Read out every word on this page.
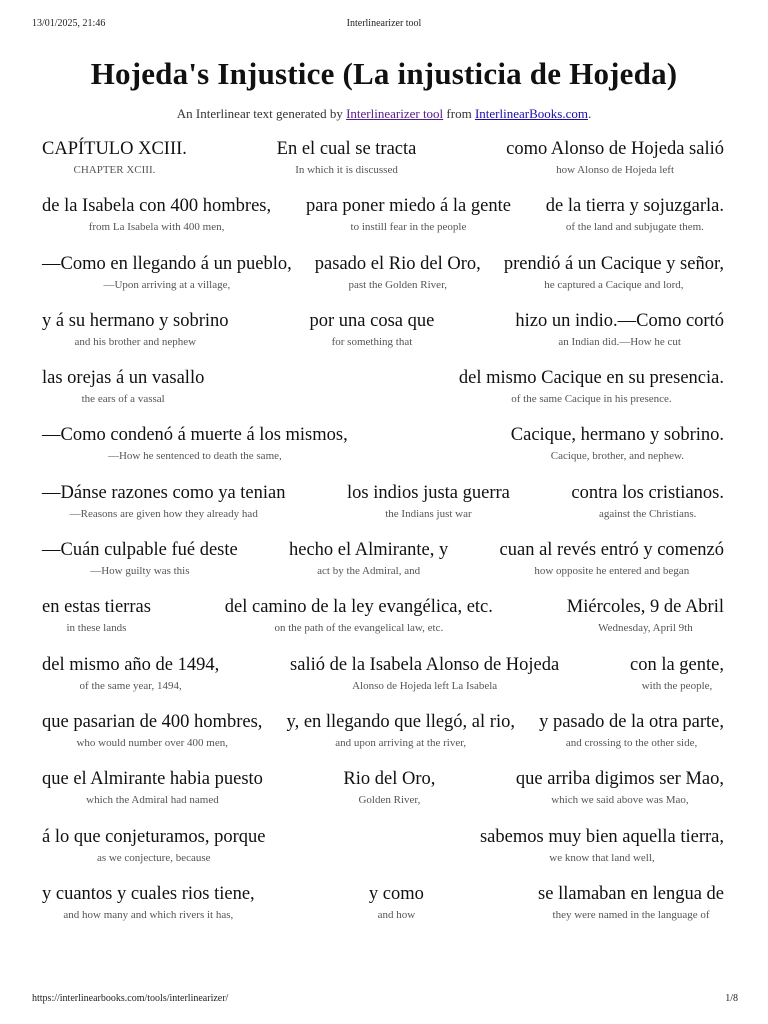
13/01/2025, 21:46	Interlinearizer tool
Hojeda's Injustice (La injusticia de Hojeda)
An Interlinear text generated by Interlinearizer tool from InterlinearBooks.com.
CAPÍTULO XCIII.
CHAPTER XCIII.
En el cual se tracta
In which it is discussed
como Alonso de Hojeda salió
how Alonso de Hojeda left
de la Isabela con 400 hombres,
from La Isabela with 400 men,
para poner miedo á la gente
to instill fear in the people
de la tierra y sojuzgarla.
of the land and subjugate them.
—Como en llegando á un pueblo,
—Upon arriving at a village,
pasado el Rio del Oro,
past the Golden River,
prendió á un Cacique y señor,
he captured a Cacique and lord,
y á su hermano y sobrino
and his brother and nephew
por una cosa que
for something that
hizo un indio.—Como cortó
an Indian did.—How he cut
las orejas á un vasallo
the ears of a vassal
del mismo Cacique en su presencia.
of the same Cacique in his presence.
—Como condenó á muerte á los mismos,
—How he sentenced to death the same,
Cacique, hermano y sobrino.
Cacique, brother, and nephew.
—Dánse razones como ya tenian
—Reasons are given how they already had
los indios justa guerra
the Indians just war
contra los cristianos.
against the Christians.
—Cuán culpable fué deste
—How guilty was this
hecho el Almirante, y
act by the Admiral, and
cuan al revés entró y comenzó
how opposite he entered and began
en estas tierras
in these lands
del camino de la ley evangélica, etc.
on the path of the evangelical law, etc.
Miércoles, 9 de Abril
Wednesday, April 9th
del mismo año de 1494,
of the same year, 1494,
salió de la Isabela Alonso de Hojeda
Alonso de Hojeda left La Isabela
con la gente,
with the people,
que pasarian de 400 hombres,
who would number over 400 men,
y, en llegando que llegó, al rio,
and upon arriving at the river,
y pasado de la otra parte,
and crossing to the other side,
que el Almirante habia puesto
which the Admiral had named
Rio del Oro,
Golden River,
que arriba digimos ser Mao,
which we said above was Mao,
á lo que conjeturamos, porque
as we conjecture, because
sabemos muy bien aquella tierra,
we know that land well,
y cuantos y cuales rios tiene,
and how many and which rivers it has,
y como
and how
se llamaban en lengua de
they were named in the language of
https://interlinearbooks.com/tools/interlinearizer/	1/8
